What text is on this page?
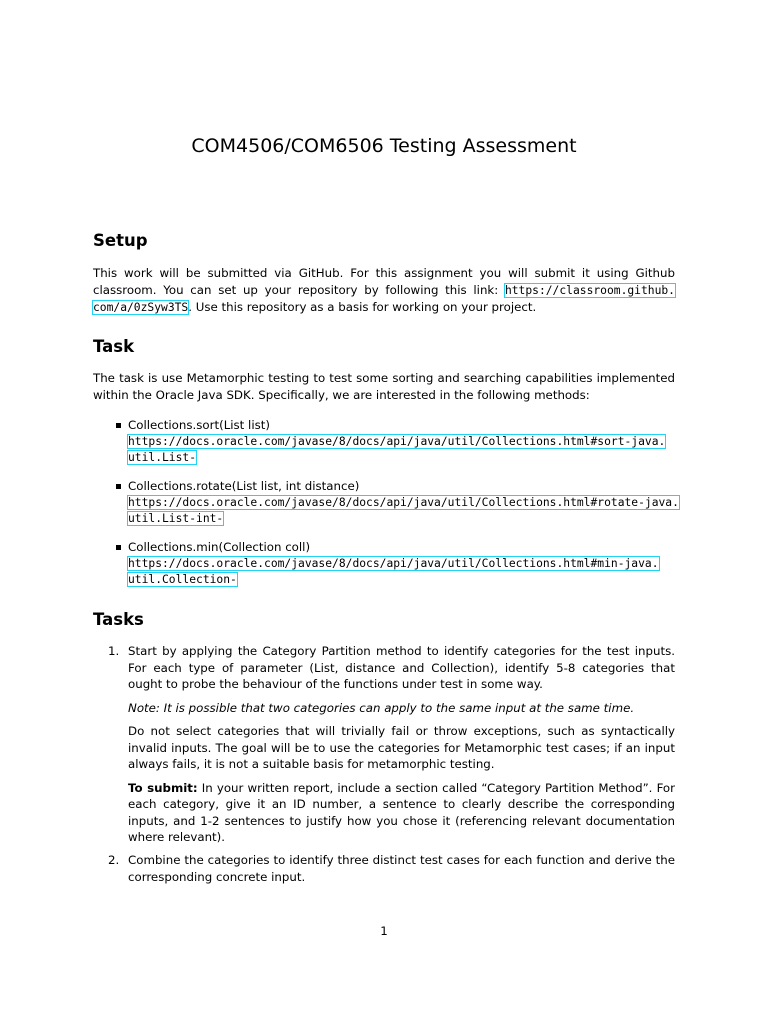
COM4506/COM6506 Testing Assessment
Setup
This work will be submitted via GitHub. For this assignment you will submit it using Github classroom. You can set up your repository by following this link: https://classroom.github. com/a/0zSyw3TS. Use this repository as a basis for working on your project.
Task
The task is use Metamorphic testing to test some sorting and searching capabilities implemented within the Oracle Java SDK. Specifically, we are interested in the following methods:
Collections.sort(List list)
https://docs.oracle.com/javase/8/docs/api/java/util/Collections.html#sort-java.
util.List-
Collections.rotate(List list, int distance)
https://docs.oracle.com/javase/8/docs/api/java/util/Collections.html#rotate-java.
util.List-int-
Collections.min(Collection coll)
https://docs.oracle.com/javase/8/docs/api/java/util/Collections.html#min-java.
util.Collection-
Tasks
1. Start by applying the Category Partition method to identify categories for the test inputs. For each type of parameter (List, distance and Collection), identify 5-8 categories that ought to probe the behaviour of the functions under test in some way.

Note: It is possible that two categories can apply to the same input at the same time.

Do not select categories that will trivially fail or throw exceptions, such as syntactically invalid inputs. The goal will be to use the categories for Metamorphic test cases; if an input always fails, it is not a suitable basis for metamorphic testing.

To submit: In your written report, include a section called “Category Partition Method”. For each category, give it an ID number, a sentence to clearly describe the corresponding inputs, and 1-2 sentences to justify how you chose it (referencing relevant documentation where relevant).

2. Combine the categories to identify three distinct test cases for each function and derive the corresponding concrete input.

1
